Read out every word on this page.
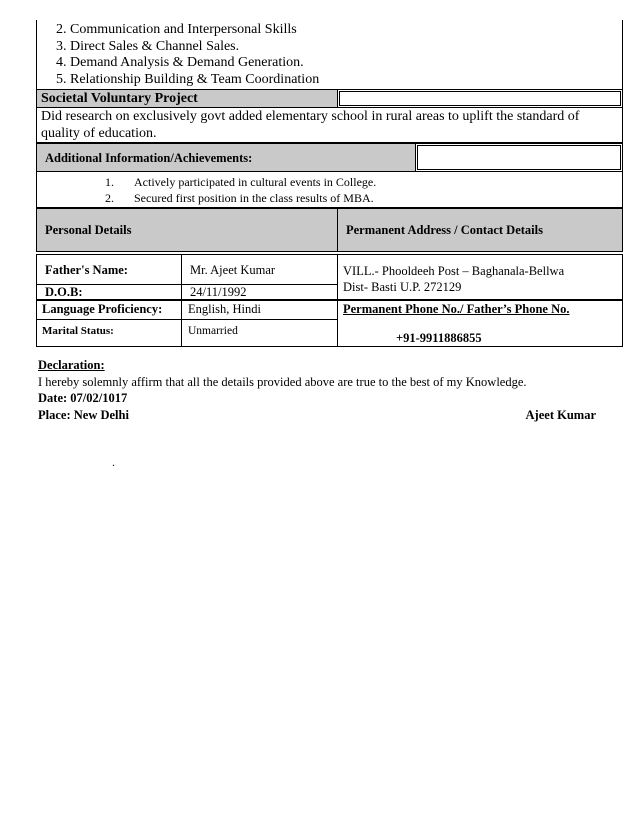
2. Communication and Interpersonal Skills
3. Direct Sales & Channel Sales.
4. Demand Analysis & Demand Generation.
5. Relationship Building & Team Coordination
Societal Voluntary Project
Did research on exclusively govt added elementary school in rural areas to uplift the standard of quality of education.
Additional Information/Achievements:
1. Actively participated in cultural events in College.
2. Secured first position in the class results of MBA.
Personal Details	Permanent Address / Contact Details
Father's Name:	Mr. Ajeet Kumar	VILL.- Phooldeeh Post – Baghanala-Bellwa
Dist- Basti U.P. 272129
D.O.B:	24/11/1992
Language Proficiency: English, Hindi
Marital Status:	Unmarried
Permanent Phone No./ Father’s Phone No.
+91-9911886855
Declaration:
I hereby solemnly affirm that all the details provided above are true to the best of my Knowledge.
Date: 07/02/1017
Place: New Delhi	Ajeet Kumar
.
